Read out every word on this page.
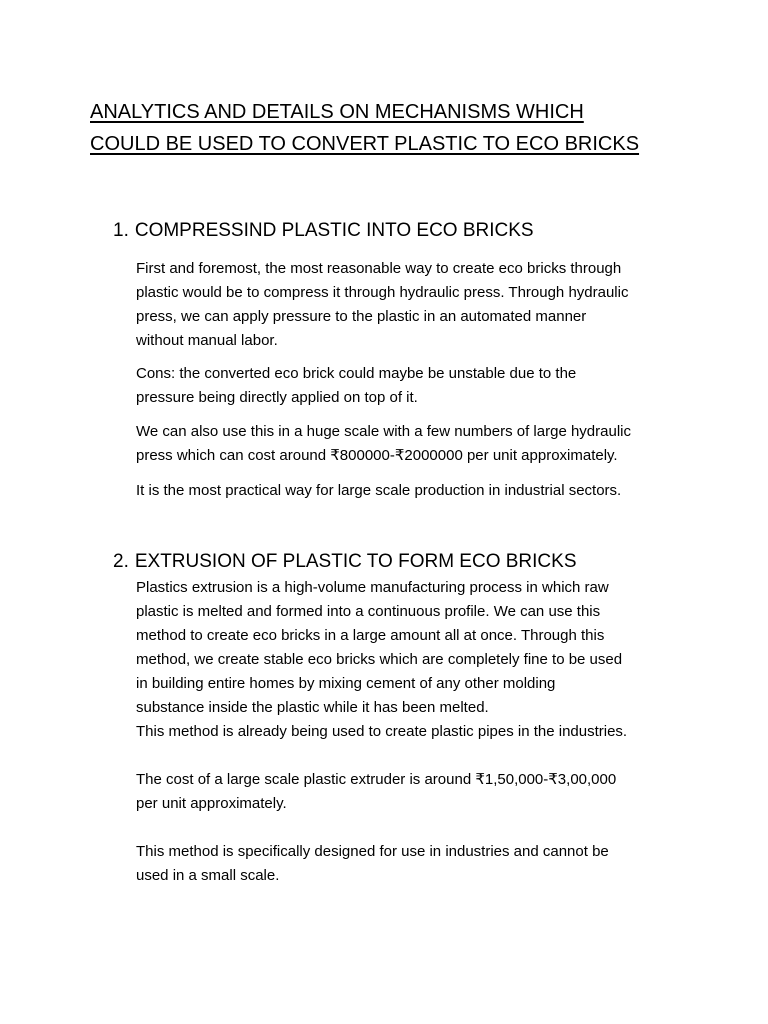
ANALYTICS AND DETAILS ON MECHANISMS WHICH
COULD BE USED TO CONVERT PLASTIC TO ECO BRICKS
1. COMPRESSIND PLASTIC INTO ECO BRICKS

First and foremost, the most reasonable way to create eco bricks through
plastic would be to compress it through hydraulic press. Through hydraulic
press, we can apply pressure to the plastic in an automated manner
without manual labor.

Cons: the converted eco brick could maybe be unstable due to the
pressure being directly applied on top of it.

We can also use this in a huge scale with a few numbers of large hydraulic
press which can cost around ₹800000-₹2000000 per unit approximately.

It is the most practical way for large scale production in industrial sectors.

2. EXTRUSION OF PLASTIC TO FORM ECO BRICKS

Plastics extrusion is a high-volume manufacturing process in which raw
plastic is melted and formed into a continuous profile. We can use this
method to create eco bricks in a large amount all at once. Through this
method, we create stable eco bricks which are completely fine to be used
in building entire homes by mixing cement of any other molding
substance inside the plastic while it has been melted.

This method is already being used to create plastic pipes in the industries.

The cost of a large scale plastic extruder is around ₹1,50,000-₹3,00,000
per unit approximately.

This method is specifically designed for use in industries and cannot be
used in a small scale.
